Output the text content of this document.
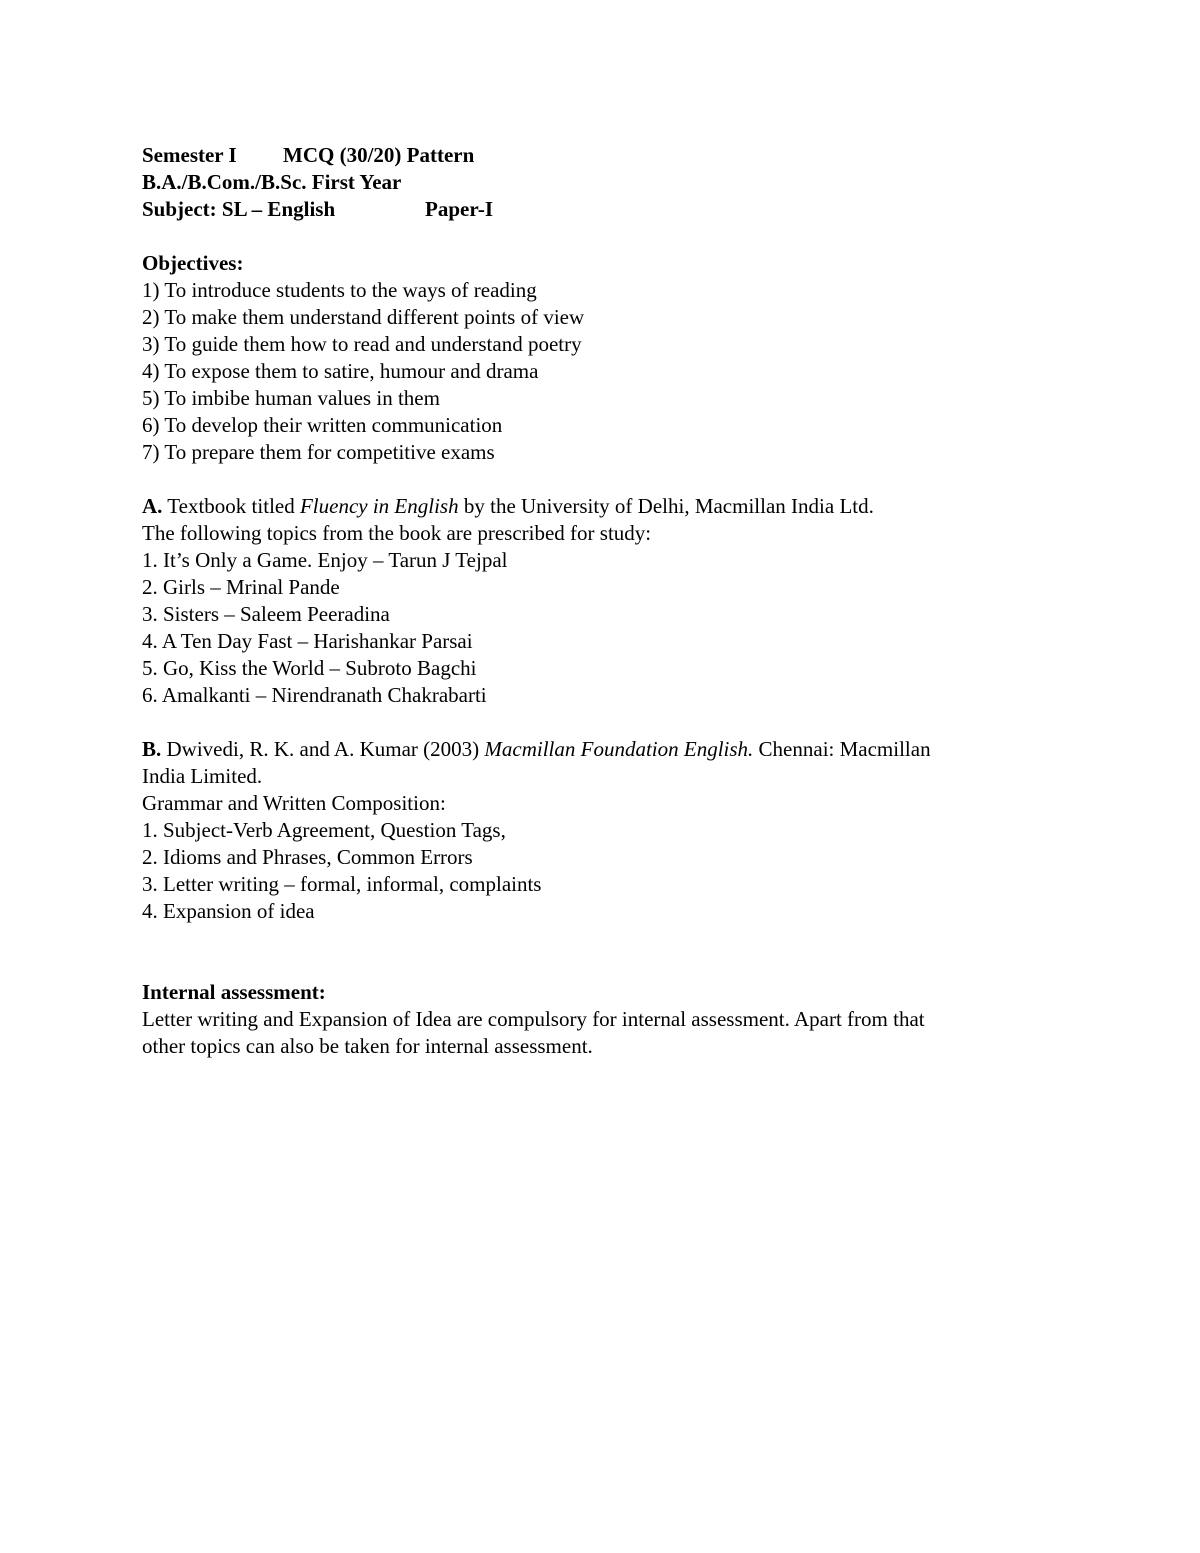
Semester I MCQ (30/20) Pattern
B.A./B.Com./B.Sc. First Year
Subject: SL – English	Paper-I
Objectives:
1) To introduce students to the ways of reading
2) To make them understand different points of view
3) To guide them how to read and understand poetry
4) To expose them to satire, humour and drama
5) To imbibe human values in them
6) To develop their written communication
7) To prepare them for competitive exams
A. Textbook titled Fluency in English by the University of Delhi, Macmillan India Ltd.
The following topics from the book are prescribed for study:
1. It’s Only a Game. Enjoy – Tarun J Tejpal
2. Girls – Mrinal Pande
3. Sisters – Saleem Peeradina
4. A Ten Day Fast – Harishankar Parsai
5. Go, Kiss the World – Subroto Bagchi
6. Amalkanti – Nirendranath Chakrabarti
B. Dwivedi, R. K. and A. Kumar (2003) Macmillan Foundation English. Chennai: Macmillan
India Limited.
Grammar and Written Composition:
1. Subject-Verb Agreement, Question Tags,
2. Idioms and Phrases, Common Errors
3. Letter writing – formal, informal, complaints
4. Expansion of idea
Internal assessment:
Letter writing and Expansion of Idea are compulsory for internal assessment. Apart from that
other topics can also be taken for internal assessment.
